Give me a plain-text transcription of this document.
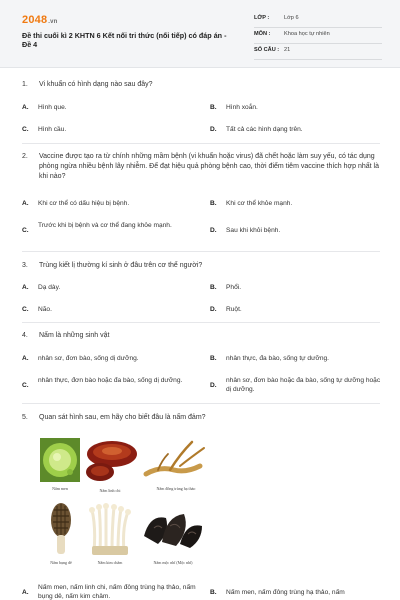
2048.vn
Đề thi cuối kì 2 KHTN 6 Kết nối tri thức (nối tiếp) có đáp án - Đề 4
LỚP :	Lớp 6
MÔN : Khoa học tự nhiên
SỐ CÂU : 21
1.	Vi khuẩn có hình dạng nào sau đây?
A. Hình que.	B. Hình xoắn.
C. Hình cầu.	D. Tất cả các hình dạng trên.
2.	Vaccine được tạo ra từ chính những mầm bệnh (vi khuẩn hoặc virus) đã chết hoặc làm suy yếu, có tác dụng phòng ngừa nhiều bệnh lây nhiễm. Để đạt hiệu quả phòng bệnh cao, thời điểm tiêm vaccine thích hợp nhất là khi nào?
A. Khi cơ thể có dấu hiệu bị bệnh.	B. Khi cơ thể khỏe mạnh.
C.
Trước khi bị bệnh và cơ thể đang khỏe mạnh.
D. Sau khi khỏi bệnh.
3.	Trùng kiết lị thường kí sinh ở đâu trên cơ thể người?
A. Dạ dày.	B. Phổi.
C. Não.	D. Ruột.
4.	Nấm là những sinh vật
A. nhân sơ, đơn bào, sống dị dưỡng.	B. nhân thực, đa bào, sống tự dưỡng.
C.
nhân thực, đơn bào hoặc đa bào, sống dị dưỡng.
D.
nhân sơ, đơn bào hoặc đa bào, sống tự dưỡng hoặc dị dưỡng.
5.	Quan sát hình sau, em hãy cho biết đâu là nấm đảm?
Nấm men	Nấm linh chi	Nấm đông trùng hạ thảo
Nấm bụng dê	Nấm kim châm	Nấm mộc nhĩ (Mộc nhĩ)
A.
Nấm men, nấm linh chi, nấm đông trùng hạ thảo, nấm bụng dê, nấm kim châm.
B. Nấm men, nấm đông trùng hạ thảo, nấm
